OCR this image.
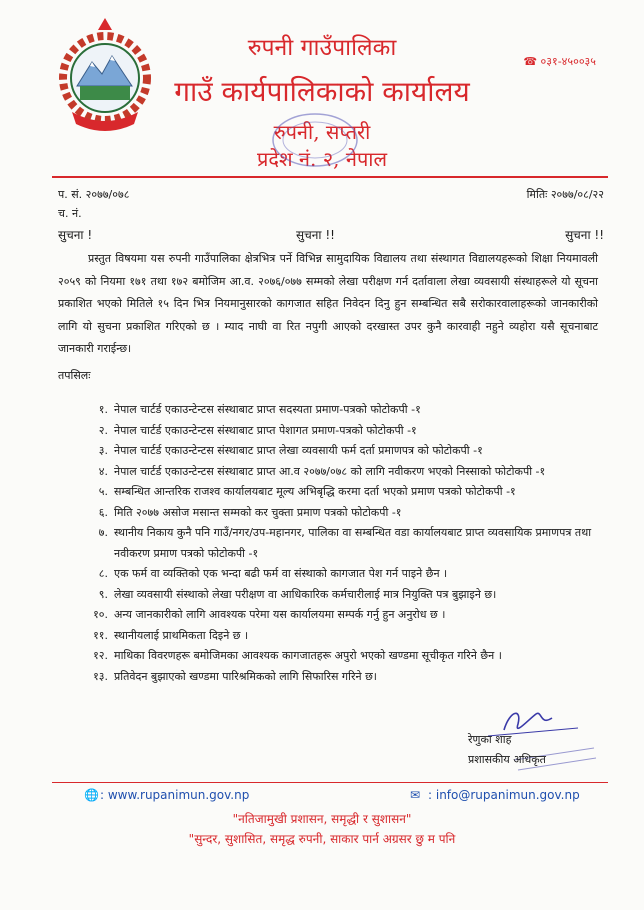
रुपनी गाउँपालिका
गाउँ कार्यपालिकाको कार्यालय
रुपनी, सप्तरी
प्रदेश नं. २, नेपाल
☎ ०३१-४५००३५
प. सं. २०७७/०७८	मितिः २०७७/०८/२२
च. नं.
सुचना !	सुचना !!	सुचना !!
प्रस्तुत विषयमा यस रुपनी गाउँपालिका क्षेत्रभित्र पर्ने विभिन्न सामुदायिक विद्यालय तथा संस्थागत विद्यालयहरूको शिक्षा नियमावली २०५९ को नियमा १७१ तथा १७२ बमोजिम आ.व. २०७६/०७७ सम्मको लेखा परीक्षण गर्न दर्तावाला लेखा व्यवसायी संस्थाहरूले यो सूचना प्रकाशित भएको मितिले १५ दिन भित्र नियमानुसारको कागजात सहित निवेदन दिनु हुन सम्बन्धित सबै सरोकारवालाहरूको जानकारीको लागि यो सुचना प्रकाशित गरिएको छ । म्याद नाघी वा रित नपुगी आएको दरखास्त उपर कुनै कारवाही नहुने व्यहोरा यसै सूचनाबाट जानकारी गराईन्छ।
तपसिलः
१. नेपाल चार्टर्ड एकाउन्टेन्टस संस्थाबाट प्राप्त सदस्यता प्रमाण-पत्रको फोटोकपी -१
२. नेपाल चार्टर्ड एकाउन्टेन्टस संस्थाबाट प्राप्त पेशागत प्रमाण-पत्रको फोटोकपी -१
३. नेपाल चार्टर्ड एकाउन्टेन्टस संस्थाबाट प्राप्त लेखा व्यवसायी फर्म दर्ता प्रमाणपत्र को फोटोकपी -१
४. नेपाल चार्टर्ड एकाउन्टेन्टस संस्थाबाट प्राप्त आ.व २०७७/०७८ को लागि नवीकरण भएको निस्साको फोटोकपी -१
५. सम्बन्धित आन्तरिक राजश्व कार्यालयबाट मूल्य अभिबृद्धि करमा दर्ता भएको प्रमाण पत्रको फोटोकपी -१
६. मिति २०७७ असोज मसान्त सम्मको कर चुक्ता प्रमाण पत्रको फोटोकपी -१
७. स्थानीय निकाय कुनै पनि गाउँ/नगर/उप-महानगर, पालिका वा सम्बन्धित वडा कार्यालयबाट प्राप्त व्यवसायिक प्रमाणपत्र तथा नवीकरण प्रमाण पत्रको फोटोकपी -१
८. एक फर्म वा व्यक्तिको एक भन्दा बढी फर्म वा संस्थाको कागजात पेश गर्न पाइने छैन ।
९. लेखा व्यवसायी संस्थाको लेखा परीक्षण वा आधिकारिक कर्मचारीलाई मात्र नियुक्ति पत्र बुझाइने छ।
१०. अन्य जानकारीको लागि आवश्यक परेमा यस कार्यालयमा सम्पर्क गर्नु हुन अनुरोध छ ।
११. स्थानीयलाई प्राथमिकता दिइने छ ।
१२. माथिका विवरणहरू बमोजिमका आवश्यक कागजातहरू अपुरो भएको खण्डमा सूचीकृत गरिने छैन ।
१३. प्रतिवेदन बुझाएको खण्डमा पारिश्रमिकको लागि सिफारिस गरिने छ।
रेणुका शाह
प्रशासकीय अधिकृत
🌐 : www.rupanimun.gov.np	✉ : info@rupanimun.gov.np
"नतिजामुखी प्रशासन, समृद्धी र सुशासन"
"सुन्दर, सुशासित, समृद्ध रुपनी, साकार पार्न अग्रसर छु म पनि
